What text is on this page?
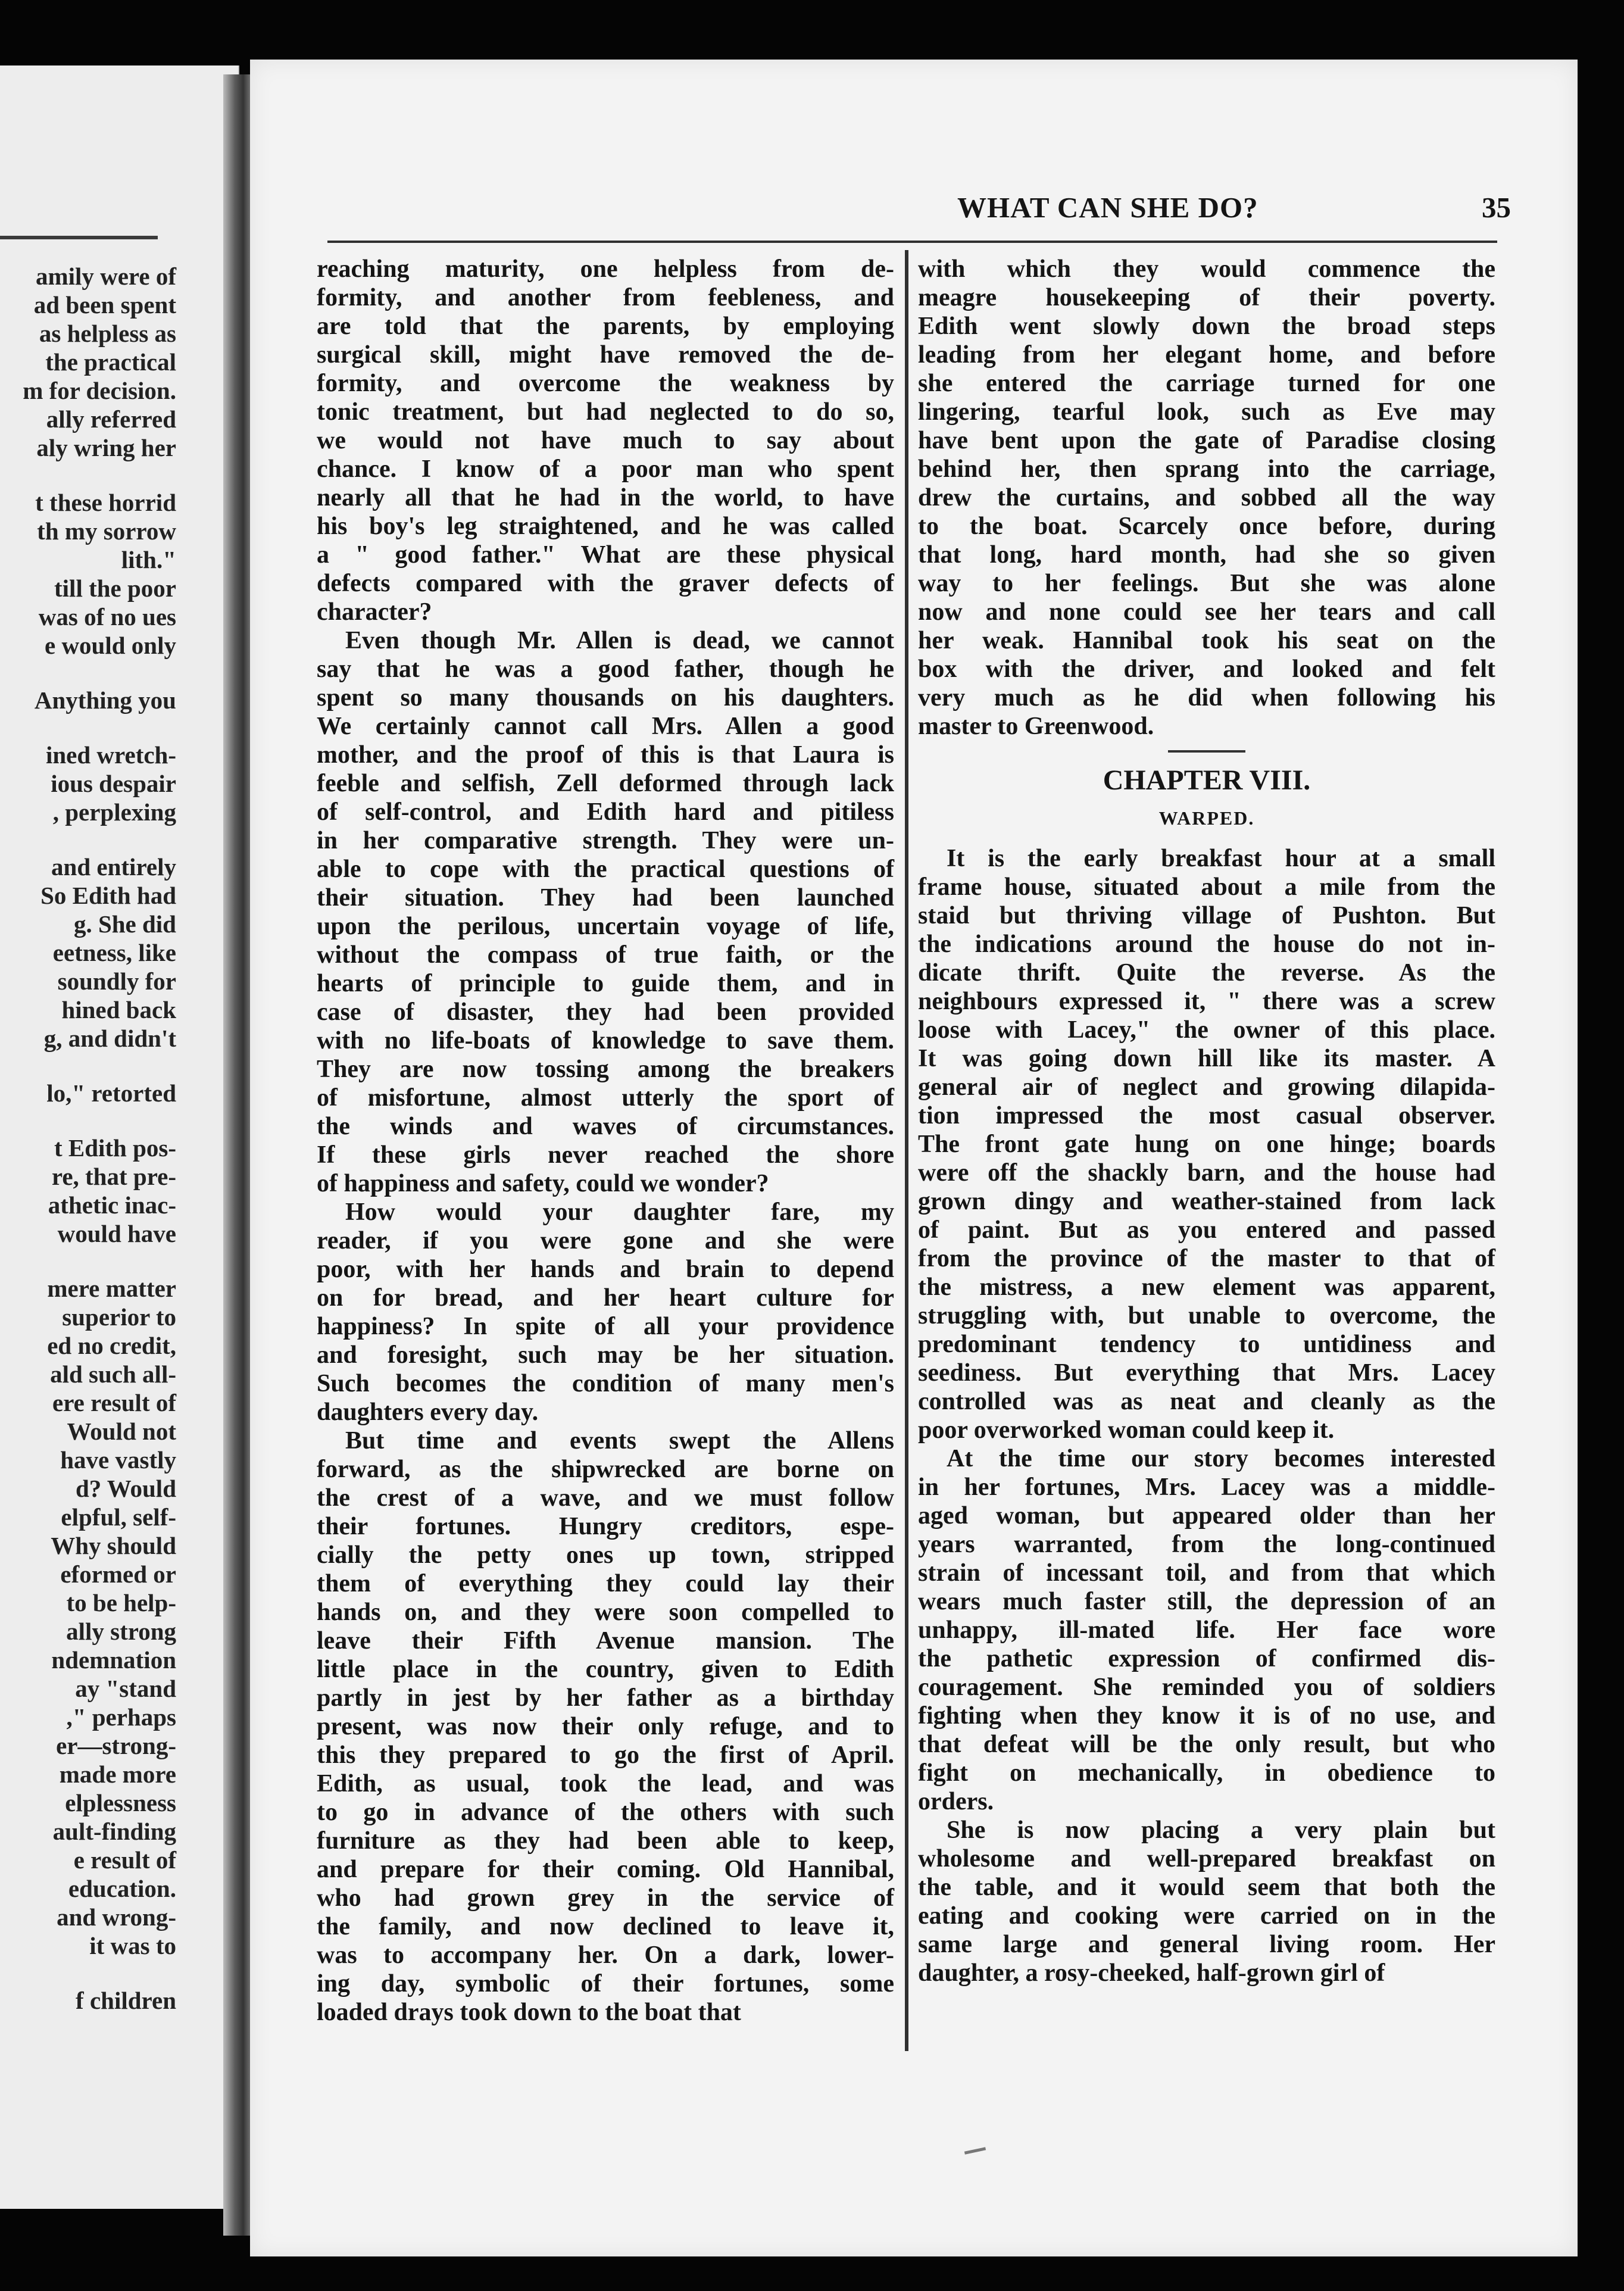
amily were of
ad been spent
as helpless as
the practical
m for decision.
ally referred
aly wring her
t these horrid
th my sorrow
lith."
till the poor
was of no ues
e would only
Anything you
ined wretch-
ious despair
, perplexing
and entirely
So Edith had
g. She did
eetness, like
soundly for
hined back
g, and didn't
lo," retorted
t Edith pos-
re, that pre-
athetic inac-
would have
mere matter
superior to
ed no credit,
ald such all-
ere result of
Would not
have vastly
d? Would
elpful, self-
Why should
eformed or
to be help-
ally strong
ndemnation
ay "stand
," perhaps
er—strong-
made more
elplessness
ault-finding
e result of
education.
and wrong-
it was to
f children
WHAT CAN SHE DO?	35
reaching maturity, one helpless from de-
formity, and another from feebleness, and
are told that the parents, by employing
surgical skill, might have removed the de-
formity, and overcome the weakness by
tonic treatment, but had neglected to do so,
we would not have much to say about
chance. I know of a poor man who spent
nearly all that he had in the world, to have
his boy's leg straightened, and he was called
a " good father." What are these physical
defects compared with the graver defects of
character?
Even though Mr. Allen is dead, we cannot
say that he was a good father, though he
spent so many thousands on his daughters.
We certainly cannot call Mrs. Allen a good
mother, and the proof of this is that Laura is
feeble and selfish, Zell deformed through lack
of self-control, and Edith hard and pitiless
in her comparative strength. They were un-
able to cope with the practical questions of
their situation. They had been launched
upon the perilous, uncertain voyage of life,
without the compass of true faith, or the
hearts of principle to guide them, and in
case of disaster, they had been provided
with no life-boats of knowledge to save them.
They are now tossing among the breakers
of misfortune, almost utterly the sport of
the winds and waves of circumstances.
If these girls never reached the shore
of happiness and safety, could we wonder?
How would your daughter fare, my
reader, if you were gone and she were
poor, with her hands and brain to depend
on for bread, and her heart culture for
happiness? In spite of all your providence
and foresight, such may be her situation.
Such becomes the condition of many men's
daughters every day.
But time and events swept the Allens
forward, as the shipwrecked are borne on
the crest of a wave, and we must follow
their fortunes. Hungry creditors, espe-
cially the petty ones up town, stripped
them of everything they could lay their
hands on, and they were soon compelled to
leave their Fifth Avenue mansion. The
little place in the country, given to Edith
partly in jest by her father as a birthday
present, was now their only refuge, and to
this they prepared to go the first of April.
Edith, as usual, took the lead, and was
to go in advance of the others with such
furniture as they had been able to keep,
and prepare for their coming. Old Hannibal,
who had grown grey in the service of
the family, and now declined to leave it,
was to accompany her. On a dark, lower-
ing day, symbolic of their fortunes, some
loaded drays took down to the boat that
with which they would commence the
meagre housekeeping of their poverty.
Edith went slowly down the broad steps
leading from her elegant home, and before
she entered the carriage turned for one
lingering, tearful look, such as Eve may
have bent upon the gate of Paradise closing
behind her, then sprang into the carriage,
drew the curtains, and sobbed all the way
to the boat. Scarcely once before, during
that long, hard month, had she so given
way to her feelings. But she was alone
now and none could see her tears and call
her weak. Hannibal took his seat on the
box with the driver, and looked and felt
very much as he did when following his
master to Greenwood.
CHAPTER VIII.
WARPED.
It is the early breakfast hour at a small
frame house, situated about a mile from the
staid but thriving village of Pushton. But
the indications around the house do not in-
dicate thrift. Quite the reverse. As the
neighbours expressed it, " there was a screw
loose with Lacey," the owner of this place.
It was going down hill like its master. A
general air of neglect and growing dilapida-
tion impressed the most casual observer.
The front gate hung on one hinge; boards
were off the shackly barn, and the house had
grown dingy and weather-stained from lack
of paint. But as you entered and passed
from the province of the master to that of
the mistress, a new element was apparent,
struggling with, but unable to overcome, the
predominant tendency to untidiness and
seediness. But everything that Mrs. Lacey
controlled was as neat and cleanly as the
poor overworked woman could keep it.
At the time our story becomes interested
in her fortunes, Mrs. Lacey was a middle-
aged woman, but appeared older than her
years warranted, from the long-continued
strain of incessant toil, and from that which
wears much faster still, the depression of an
unhappy, ill-mated life. Her face wore
the pathetic expression of confirmed dis-
couragement. She reminded you of soldiers
fighting when they know it is of no use, and
that defeat will be the only result, but who
fight on mechanically, in obedience to
orders.
She is now placing a very plain but
wholesome and well-prepared breakfast on
the table, and it would seem that both the
eating and cooking were carried on in the
same large and general living room. Her
daughter, a rosy-cheeked, half-grown girl of
